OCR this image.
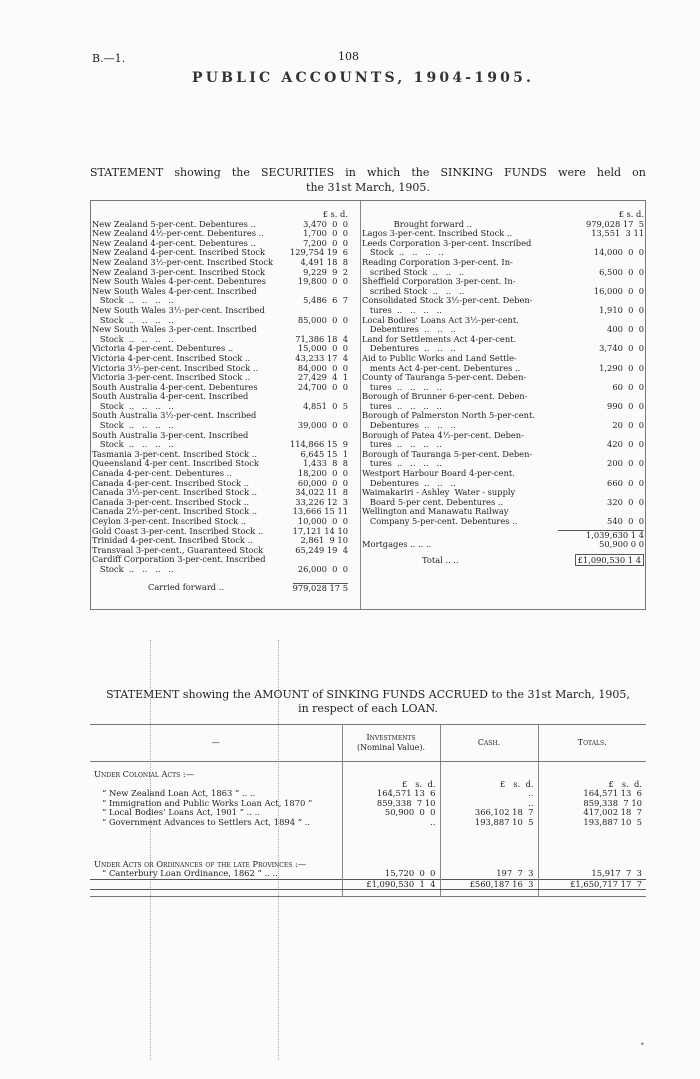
B.—1.	108
PUBLIC ACCOUNTS, 1904-1905.
STATEMENT showing the SECURITIES in which the SINKING FUNDS were held on
the 31st March, 1905.
£ s. d.
New Zealand 5-per-cent. Debentures ..	3,470  0  0
New Zealand 4½-per-cent. Debentures ..	1,700  0  0
New Zealand 4-per-cent. Debentures ..	7,200  0  0
New Zealand 4-per-cent. Inscribed Stock	129,754 19  6
New Zealand 3½-per-cent. Inscribed Stock	4,491 18  8
New Zealand 3-per-cent. Inscribed Stock	9,229  9  2
New South Wales 4-per-cent. Debentures	19,800  0  0
New South Wales 4-per-cent. Inscribed
Stock  ..   ..   ..   ..	5,486  6  7
New South Wales 3½-per-cent. Inscribed
Stock  ..   ..   ..   ..	85,000  0  0
New South Wales 3-per-cent. Inscribed
Stock  ..   ..   ..   ..	71,386 18  4
Victoria 4-per-cent. Debentures ..	15,000  0  0
Victoria 4-per-cent. Inscribed Stock ..	43,233 17  4
Victoria 3½-per-cent. Inscribed Stock ..	84,000  0  0
Victoria 3-per-cent. Inscribed Stock ..	27,429  4  1
South Australia 4-per-cent. Debentures	24,700  0  0
South Australia 4-per-cent. Inscribed
Stock  ..   ..   ..   ..	4,851  0  5
South Australia 3½-per-cent. Inscribed
Stock  ..   ..   ..   ..	39,000  0  0
South Australia 3-per-cent. Inscribed
Stock  ..   ..   ..   ..	114,866 15  9
Tasmania 3-per-cent. Inscribed Stock ..	6,645 15  1
Queensland 4-per cent. Inscribed Stock	1,433  8  8
Canada 4-per-cent. Debentures ..	18,200  0  0
Canada 4-per-cent. Inscribed Stock ..	60,000  0  0
Canada 3½-per-cent. Inscribed Stock ..	34,022 11  8
Canada 3-per-cent. Inscribed Stock ..	33,226 12  3
Canada 2½-per-cent. Inscribed Stock ..	13,666 15 11
Ceylon 3-per-cent. Inscribed Stock ..	10,000  0  0
Gold Coast 3-per-cent. Inscribed Stock ..	17,121 14 10
Trinidad 4-per-cent. Inscribed Stock ..	2,861  9 10
Transvaal 3-per-cent., Guaranteed Stock	65,249 19  4
Cardiff Corporation 3-per-cent. Inscribed
Stock  ..   ..   ..   ..	26,000  0  0
Carried forward ..	979,028 17 5
£ s. d.
Brought forward ..	979,028 17  5
Lagos 3-per-cent. Inscribed Stock ..	13,551  3 11
Leeds Corporation 3-per-cent. Inscribed
Stock  ..   ..   ..   ..	14,000  0  0
Reading Corporation 3-per-cent. In-
scribed Stock  ..   ..   ..	6,500  0  0
Sheffield Corporation 3-per-cent. In-
scribed Stock  ..   ..   ..	16,000  0  0
Consolidated Stock 3½-per-cent. Deben-
tures  ..   ..   ..   ..	1,910  0  0
Local Bodies' Loans Act 3½-per-cent.
Debentures  ..   ..   ..	400  0  0
Land for Settlements Act 4-per-cent.
Debentures  ..   ..   ..	3,740  0  0
Aid to Public Works and Land Settle-
ments Act 4-per-cent. Debentures ..	1,290  0  0
County of Tauranga 5-per-cent. Deben-
tures  ..   ..   ..   ..	60  0  0
Borough of Brunner 6-per-cent. Deben-
tures  ..   ..   ..   ..	990  0  0
Borough of Palmerston North 5-per-cent.
Debentures  ..   ..   ..	20  0  0
Borough of Patea 4½-per-cent. Deben-
tures  ..   ..   ..   ..	420  0  0
Borough of Tauranga 5-per-cent. Deben-
tures  ..   ..   ..   ..	200  0  0
Westport Harbour Board 4-per-cent.
Debentures  ..   ..   ..	660  0  0
Waimakariri - Ashley  Water - supply
Board 5-per cent. Debentures ..	320  0  0
Wellington and Manawatu Railway
Company 5-per-cent. Debentures ..	540  0  0
1,039,630 1 4
Mortgages .. .. ..	50,900 0 0
Total .. ..	£1,090,530 1 4
•
STATEMENT showing the AMOUNT of SINKING FUNDS ACCRUED to the 31st March, 1905,
in respect of each LOAN.
—	Investments
(Nominal Value).	Cash.	Totals.

Under Colonial Acts :—			
	£   s.  d.	£   s.  d.	£   s.  d.
“ New Zealand Loan Act, 1863 ” .. ..	164,571 13  6	..	164,571 13  6
“ Immigration and Public Works Loan Act, 1870 ”	859,338  7 10	..	859,338  7 10
“ Local Bodies’ Loans Act, 1901 ” .. ..	50,900  0  0	366,102 18  7	417,002 18  7
“ Government Advances to Settlers Act, 1894 ” ..	..	193,887 10  5	193,887 10  5

Under Acts or Ordinances of the late Provinces :—			
“ Canterbury Loan Ordinance, 1862 ” .. ..	15,720  0  0	197  7  3	15,917  7  3
	£1,090,530  1  4	£560,187 16  3	£1,650,717 17  7
